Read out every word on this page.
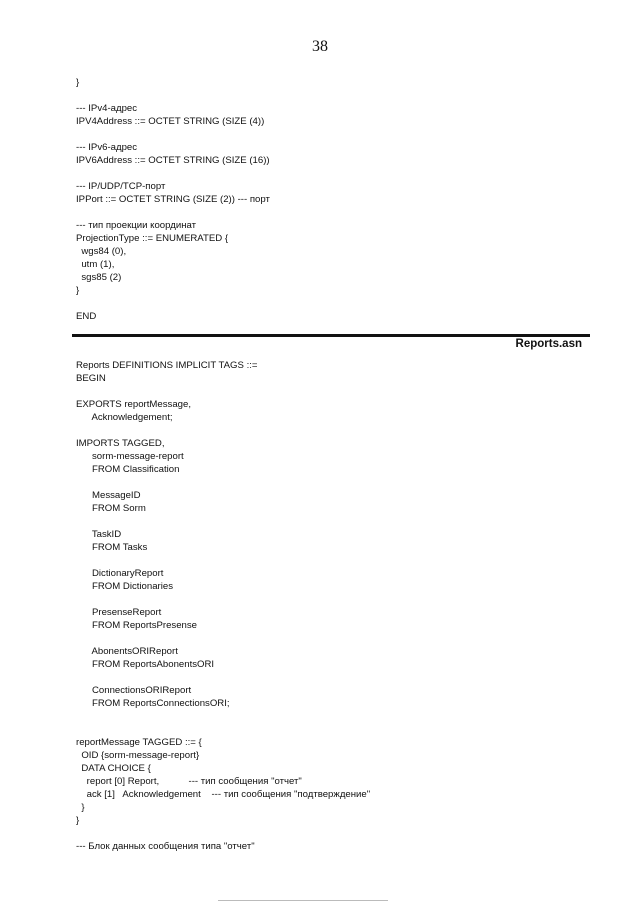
38
}

--- IPv4-адрес
IPV4Address ::= OCTET STRING (SIZE (4))

--- IPv6-адрес
IPV6Address ::= OCTET STRING (SIZE (16))

--- IP/UDP/TCP-порт
IPPort ::= OCTET STRING (SIZE (2)) --- порт

--- тип проекции координат
ProjectionType ::= ENUMERATED {
wgs84 (0),
utm (1),
sgs85 (2)
}

END
Reports.asn
Reports DEFINITIONS IMPLICIT TAGS ::=
BEGIN

EXPORTS reportMessage,
Acknowledgement;

IMPORTS TAGGED,
sorm-message-report
FROM Classification

MessageID
FROM Sorm

TaskID
FROM Tasks

DictionaryReport
FROM Dictionaries

PresenseReport
FROM ReportsPresense

AbonentsORIReport
FROM ReportsAbonentsORI

ConnectionsORIReport
FROM ReportsConnectionsORI;

reportMessage TAGGED ::= {
OID {sorm-message-report}
DATA CHOICE {
report [0] Report,           --- тип сообщения "отчет"
ack [1]   Acknowledgement    --- тип сообщения "подтверждение"
}
}

--- Блок данных сообщения типа "отчет"
